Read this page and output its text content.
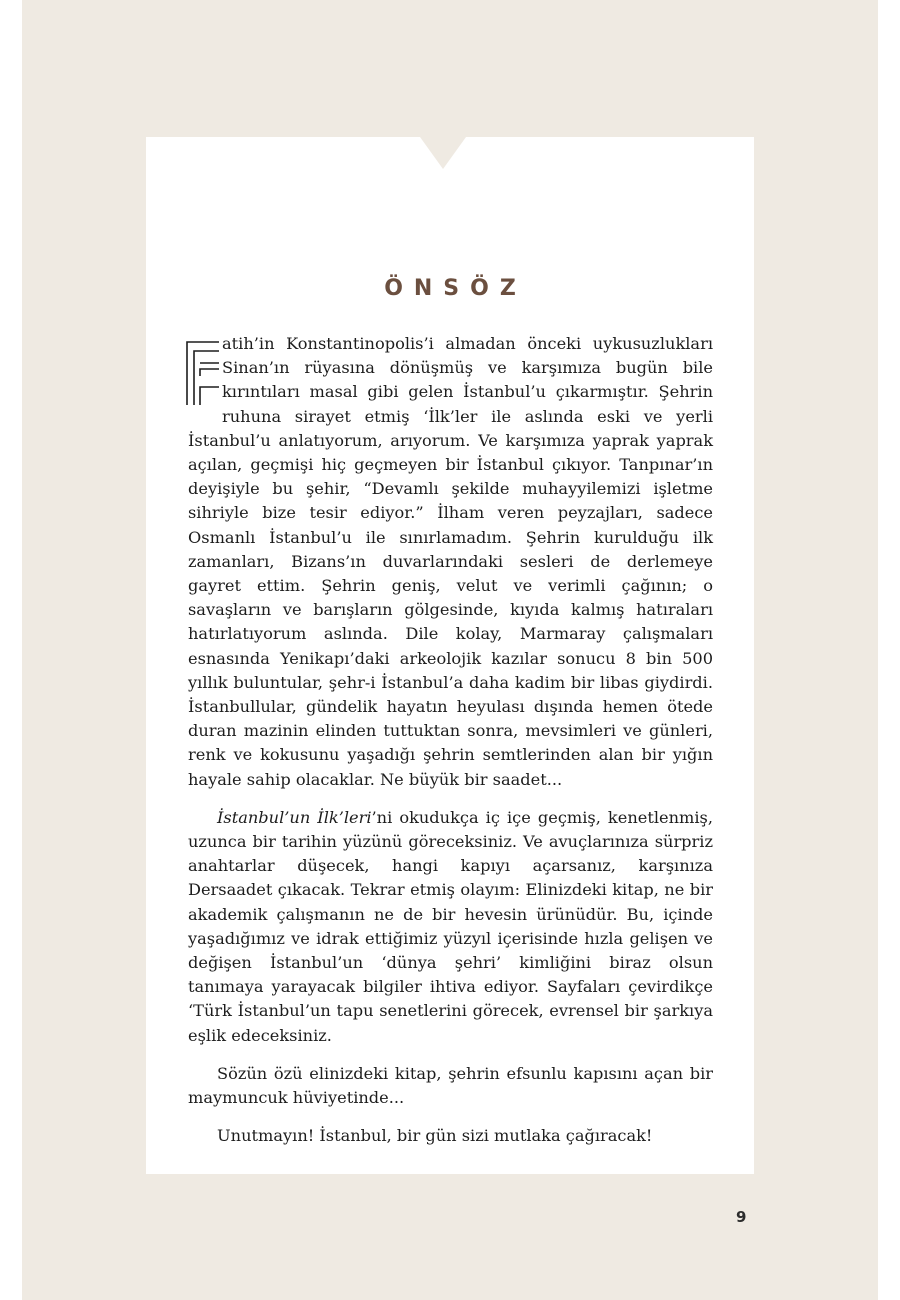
ÖNSÖZ

atih’in Konstantinopolis’i almadan önceki uykusuzlukları Sinan’ın rüyasına dönüşmüş ve karşımıza bugün bile kırıntıları masal gibi gelen İstanbul’u çıkarmıştır. Şehrin ruhuna sirayet etmiş ‘İlk’ler ile aslında eski ve yerli İstanbul’u anlatıyorum, arıyorum. Ve karşımıza yaprak yaprak açılan, geçmişi hiç geçmeyen bir İstanbul çıkıyor. Tanpınar’ın deyişiyle bu şehir, “Devamlı şekilde muhayyilemizi işletme sihriyle bize tesir ediyor.” İlham veren peyzajları, sadece Osmanlı İstanbul’u ile sınırlamadım. Şehrin kurulduğu ilk zamanları, Bizans’ın duvarlarındaki sesleri de derlemeye gayret ettim. Şehrin geniş, velut ve verimli çağının; o savaşların ve barışların gölgesinde, kıyıda kalmış hatıraları hatırlatıyorum aslında. Dile kolay, Marmaray çalışmaları esnasında Yenikapı’daki arkeolojik kazılar sonucu 8 bin 500 yıllık buluntular, şehr-i İstanbul’a daha kadim bir libas giydirdi. İstanbullular, gündelik hayatın heyulası dışında hemen ötede duran mazinin elinden tuttuktan sonra, mevsimleri ve günleri, renk ve kokusunu yaşadığı şehrin semtlerinden alan bir yığın hayale sahip olacaklar. Ne büyük bir saadet...

İstanbul’un İlk’leri’ni okudukça iç içe geçmiş, kenetlenmiş, uzunca bir tarihin yüzünü göreceksiniz. Ve avuçlarınıza sürpriz anahtarlar düşecek, hangi kapıyı açarsanız, karşınıza Dersaadet çıkacak. Tekrar etmiş olayım: Elinizdeki kitap, ne bir akademik çalışmanın ne de bir hevesin ürünüdür. Bu, içinde yaşadığımız ve idrak ettiğimiz yüzyıl içerisinde hızla gelişen ve değişen İstanbul’un ‘dünya şehri’ kimliğini biraz olsun tanımaya yarayacak bilgiler ihtiva ediyor. Sayfaları çevirdikçe ‘Türk İstanbul’un tapu senetlerini görecek, evrensel bir şarkıya eşlik edeceksiniz.

Sözün özü elinizdeki kitap, şehrin efsunlu kapısını açan bir maymuncuk hüviyetinde...

Unutmayın! İstanbul, bir gün sizi mutlaka çağıracak!

9
